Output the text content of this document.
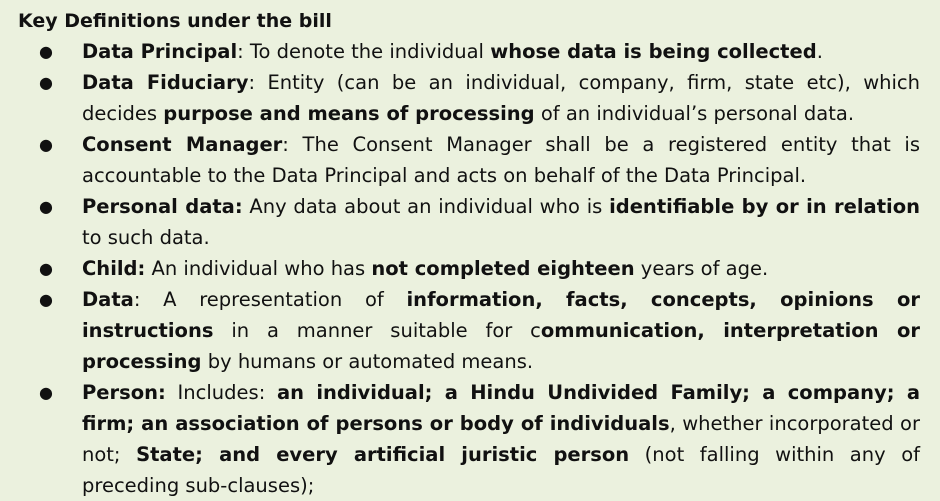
Key Definitions under the bill
● Data Principal: To denote the individual whose data is being collected.
● Data Fiduciary: Entity (can be an individual, company, firm, state etc), which decides purpose and means of processing of an individual’s personal data.
● Consent Manager: The Consent Manager shall be a registered entity that is accountable to the Data Principal and acts on behalf of the Data Principal.
● Personal data: Any data about an individual who is identifiable by or in relation to such data.
● Child: An individual who has not completed eighteen years of age.
● Data: A representation of information, facts, concepts, opinions or instructions in a manner suitable for communication, interpretation or processing by humans or automated means.
● Person: Includes: an individual; a Hindu Undivided Family; a company; a firm; an association of persons or body of individuals, whether incorporated or not; State; and every artificial juristic person (not falling within any of preceding sub-clauses);
